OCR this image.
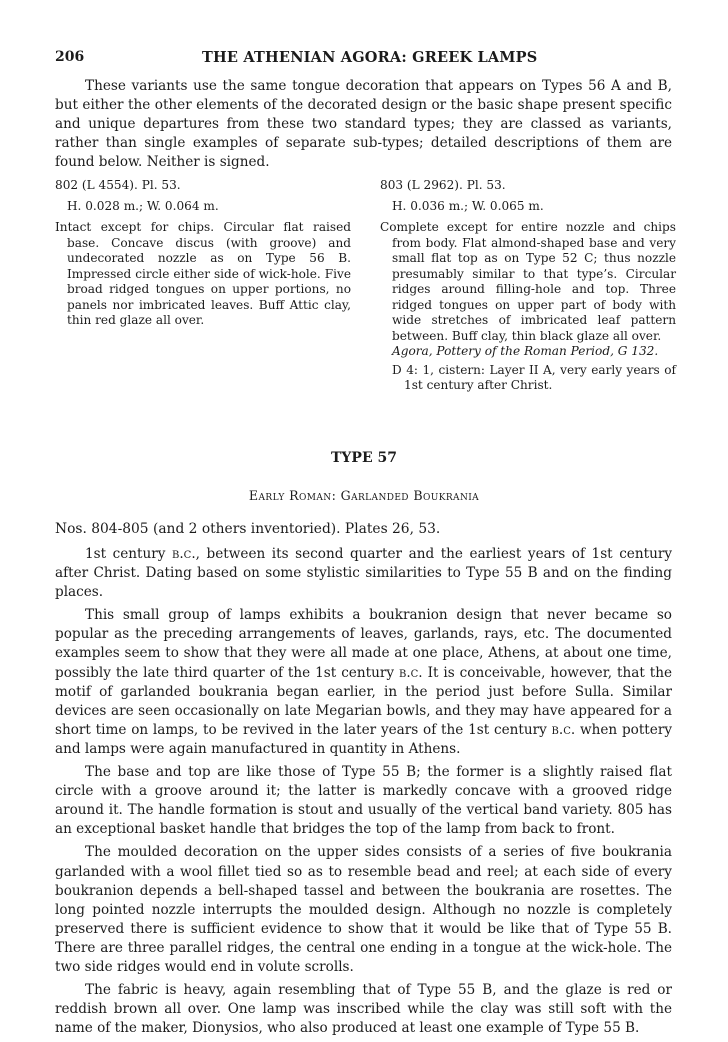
206	THE ATHENIAN AGORA: GREEK LAMPS

These variants use the same tongue decoration that appears on Types 56 A and B, but either the other elements of the decorated design or the basic shape present specific and unique departures from these two standard types; they are classed as variants, rather than single examples of separate sub-types; detailed descriptions of them are found below. Neither is signed.

802 (L 4554). Pl. 53.

H. 0.028 m.; W. 0.064 m.

Intact except for chips. Circular flat raised base. Concave discus (with groove) and undecorated nozzle as on Type 56 B. Impressed circle either side of wick-hole. Five broad ridged tongues on upper portions, no panels nor imbricated leaves. Buff Attic clay, thin red glaze all over.

803 (L 2962). Pl. 53.

H. 0.036 m.; W. 0.065 m.

Complete except for entire nozzle and chips from body. Flat almond-shaped base and very small flat top as on Type 52 C; thus nozzle presumably similar to that type’s. Circular ridges around filling-hole and top. Three ridged tongues on upper part of body with wide stretches of imbricated leaf pattern between. Buff clay, thin black glaze all over.

Agora, Pottery of the Roman Period, G 132.

D 4: 1, cistern: Layer II A, very early years of 1st century after Christ.

TYPE 57
Early Roman: Garlanded Boukrania
Nos. 804-805 (and 2 others inventoried). Plates 26, 53.

1st century b.c., between its second quarter and the earliest years of 1st century after Christ. Dating based on some stylistic similarities to Type 55 B and on the finding places.

This small group of lamps exhibits a boukranion design that never became so popular as the preceding arrangements of leaves, garlands, rays, etc. The documented examples seem to show that they were all made at one place, Athens, at about one time, possibly the late third quarter of the 1st century b.c. It is conceivable, however, that the motif of garlanded boukrania began earlier, in the period just before Sulla. Similar devices are seen occasionally on late Megarian bowls, and they may have appeared for a short time on lamps, to be revived in the later years of the 1st century b.c. when pottery and lamps were again manufactured in quantity in Athens.

The base and top are like those of Type 55 B; the former is a slightly raised flat circle with a groove around it; the latter is markedly concave with a grooved ridge around it. The handle formation is stout and usually of the vertical band variety. 805 has an exceptional basket handle that bridges the top of the lamp from back to front.

The moulded decoration on the upper sides consists of a series of five boukrania garlanded with a wool fillet tied so as to resemble bead and reel; at each side of every boukranion depends a bell-shaped tassel and between the boukrania are rosettes. The long pointed nozzle interrupts the moulded design. Although no nozzle is completely preserved there is sufficient evidence to show that it would be like that of Type 55 B. There are three parallel ridges, the central one ending in a tongue at the wick-hole. The two side ridges would end in volute scrolls.

The fabric is heavy, again resembling that of Type 55 B, and the glaze is red or reddish brown all over. One lamp was inscribed while the clay was still soft with the name of the maker, Dionysios, who also produced at least one example of Type 55 B.
